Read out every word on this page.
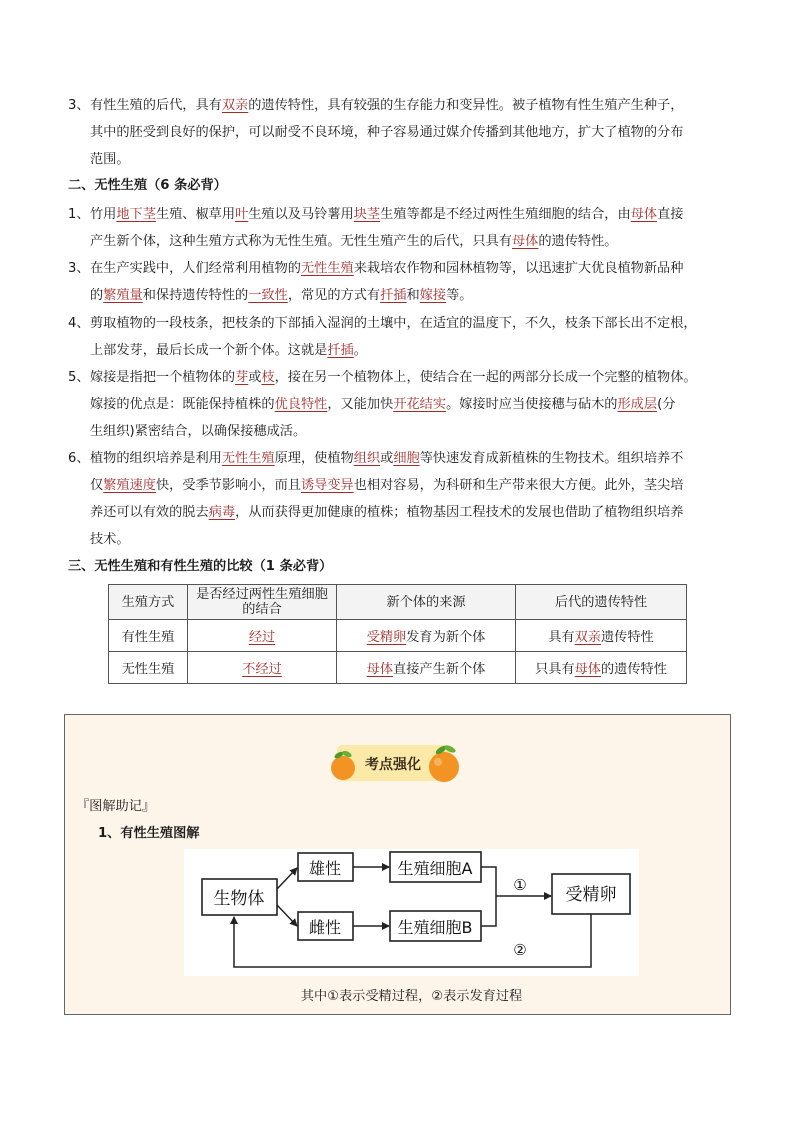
3、有性生殖的后代，具有双亲的遗传特性，具有较强的生存能力和变异性。被子植物有性生殖产生种子，
其中的胚受到良好的保护，可以耐受不良环境，种子容易通过媒介传播到其他地方，扩大了植物的分布
范围。

二、无性生殖（6 条必背）

1、竹用地下茎生殖、椒草用叶生殖以及马铃薯用块茎生殖等都是不经过两性生殖细胞的结合，由母体直接
产生新个体，这种生殖方式称为无性生殖。无性生殖产生的后代，只具有母体的遗传特性。

3、在生产实践中，人们经常利用植物的无性生殖来栽培农作物和园林植物等，以迅速扩大优良植物新品种
的繁殖量和保持遗传特性的一致性，常见的方式有扦插和嫁接等。

4、剪取植物的一段枝条，把枝条的下部插入湿润的土壤中，在适宜的温度下，不久，枝条下部长出不定根，
上部发芽，最后长成一个新个体。这就是扦插。

5、嫁接是指把一个植物体的芽或枝，接在另一个植物体上，使结合在一起的两部分长成一个完整的植物体。
嫁接的优点是：既能保持植株的优良特性，又能加快开花结实。嫁接时应当使接穗与砧木的形成层(分
生组织)紧密结合，以确保接穗成活。

6、植物的组织培养是利用无性生殖原理，使植物组织或细胞等快速发育成新植株的生物技术。组织培养不
仅繁殖速度快，受季节影响小，而且诱导变异也相对容易，为科研和生产带来很大方便。此外，茎尖培
养还可以有效的脱去病毒，从而获得更加健康的植株；植物基因工程技术的发展也借助了植物组织培养
技术。

三、无性生殖和有性生殖的比较（1 条必背）

生殖方式	是否经过两性生殖细胞的结合	新个体的来源	后代的遗传特性
有性生殖	经过	受精卵发育为新个体	具有双亲遗传特性
无性生殖	不经过	母体直接产生新个体	只具有母体的遗传特性
考点强化

『图解助记』

1、有性生殖图解

生物体
雄性
雌性
生殖细胞A
生殖细胞B
受精卵
①
②

其中①表示受精过程，②表示发育过程
